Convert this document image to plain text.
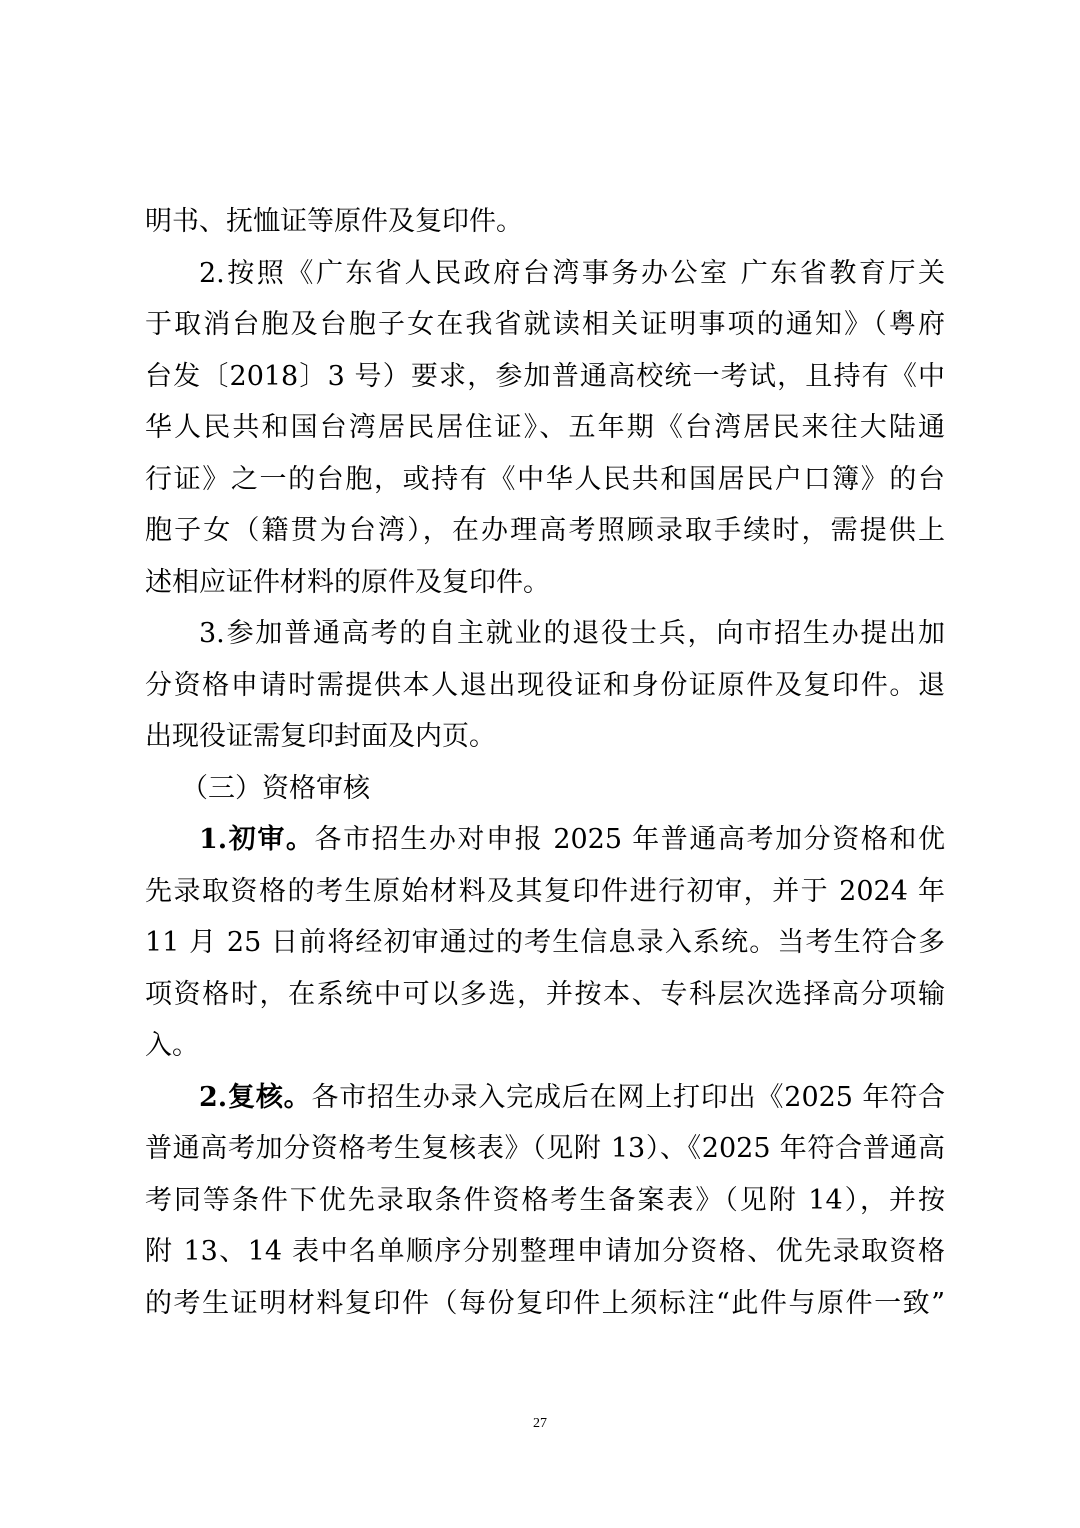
明书、抚恤证等原件及复印件。
2.按照《广东省人民政府台湾事务办公室 广东省教育厅关
于取消台胞及台胞子女在我省就读相关证明事项的通知》（粤府
台发〔2018〕3 号）要求，参加普通高校统一考试，且持有《中
华人民共和国台湾居民居住证》、五年期《台湾居民来往大陆通
行证》之一的台胞，或持有《中华人民共和国居民户口簿》的台
胞子女（籍贯为台湾），在办理高考照顾录取手续时，需提供上
述相应证件材料的原件及复印件。
3.参加普通高考的自主就业的退役士兵，向市招生办提出加
分资格申请时需提供本人退出现役证和身份证原件及复印件。退
出现役证需复印封面及内页。
（三）资格审核
1.初审。各市招生办对申报 2025 年普通高考加分资格和优
先录取资格的考生原始材料及其复印件进行初审，并于 2024 年
11 月 25 日前将经初审通过的考生信息录入系统。当考生符合多
项资格时，在系统中可以多选，并按本、专科层次选择高分项输
入。
2.复核。各市招生办录入完成后在网上打印出《2025 年符合
普通高考加分资格考生复核表》（见附 13）、《2025 年符合普通高
考同等条件下优先录取条件资格考生备案表》（见附 14），并按
附 13、14 表中名单顺序分别整理申请加分资格、优先录取资格
的考生证明材料复印件（每份复印件上须标注“此件与原件一致”
27
